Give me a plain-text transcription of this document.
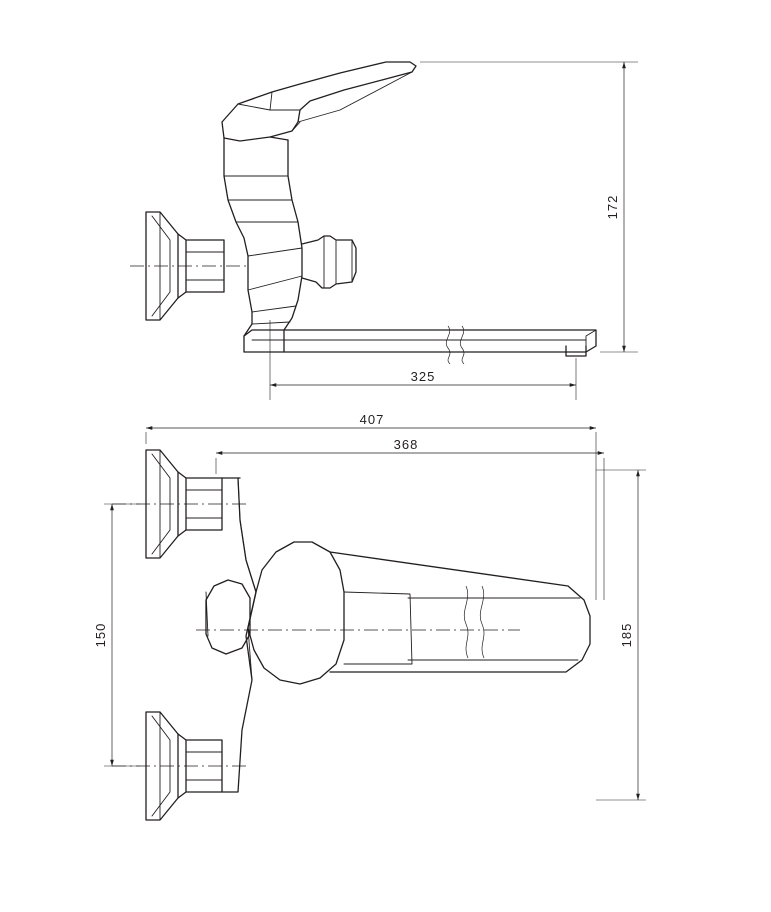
172
325
407
368
150	185
